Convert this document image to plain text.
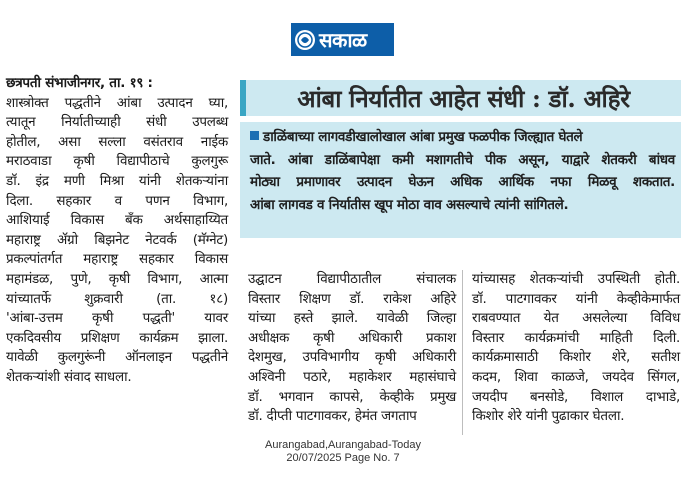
सकाळ
आंबा निर्यातीत आहेत संधी : डॉ. अहिरे

डाळिंबाच्या लागवडीखालोखाल आंबा प्रमुख फळपीक जिल्ह्यात घेतले

जाते. आंबा डाळिंबापेक्षा कमी मशागतीचे पीक असून, याद्वारे शेतकरी बांधव
मोठ्या प्रमाणावर उत्पादन घेऊन अधिक आर्थिक नफा मिळवू शकतात.
आंबा लागवड व निर्यातीस खूप मोठा वाव असल्याचे त्यांनी सांगितले.

छत्रपती संभाजीनगर, ता. १९ :
शास्त्रोक्त पद्धतीने आंबा उत्पादन घ्या,
त्यातून निर्यातीच्याही संधी उपलब्ध
होतील, असा सल्ला वसंतराव नाईक
मराठवाडा कृषी विद्यापीठाचे कुलगुरू
डॉ. इंद्र मणी मिश्रा यांनी शेतकऱ्यांना
दिला. सहकार व पणन विभाग,
आशियाई विकास बँक अर्थसाहाय्यित
महाराष्ट्र ॲग्रो बिझनेट नेटवर्क (मॅग्नेट)
प्रकल्पांतर्गत महाराष्ट्र सहकार विकास
महामंडळ, पुणे, कृषी विभाग, आत्मा
यांच्यातर्फे शुक्रवारी (ता. १८)
'आंबा-उत्तम कृषी पद्धती' यावर
एकदिवसीय प्रशिक्षण कार्यक्रम झाला.
यावेळी कुलगुरूंनी ऑनलाइन पद्धतीने
शेतकऱ्यांशी संवाद साधला.
उद्घाटन विद्यापीठातील संचालक
विस्तार शिक्षण डॉ. राकेश अहिरे
यांच्या हस्ते झाले. यावेळी जिल्हा
अधीक्षक कृषी अधिकारी प्रकाश
देशमुख, उपविभागीय कृषी अधिकारी
अश्विनी पठारे, महाकेशर महासंघाचे
डॉ. भगवान कापसे, केव्हीके प्रमुख
डॉ. दीप्ती पाटगावकर, हेमंत जगताप
यांच्यासह शेतकऱ्यांची उपस्थिती होती.
डॉ. पाटगावकर यांनी केव्हीकेमार्फत
राबवण्यात येत असलेल्या विविध
विस्तार कार्यक्रमांची माहिती दिली.
कार्यक्रमासाठी किशोर शेरे, सतीश
कदम, शिवा काळजे, जयदेव सिंगल,
जयदीप बनसोडे, विशाल दाभाडे,
किशोर शेरे यांनी पुढाकार घेतला.
Aurangabad,Aurangabad-Today
20/07/2025 Page No. 7
